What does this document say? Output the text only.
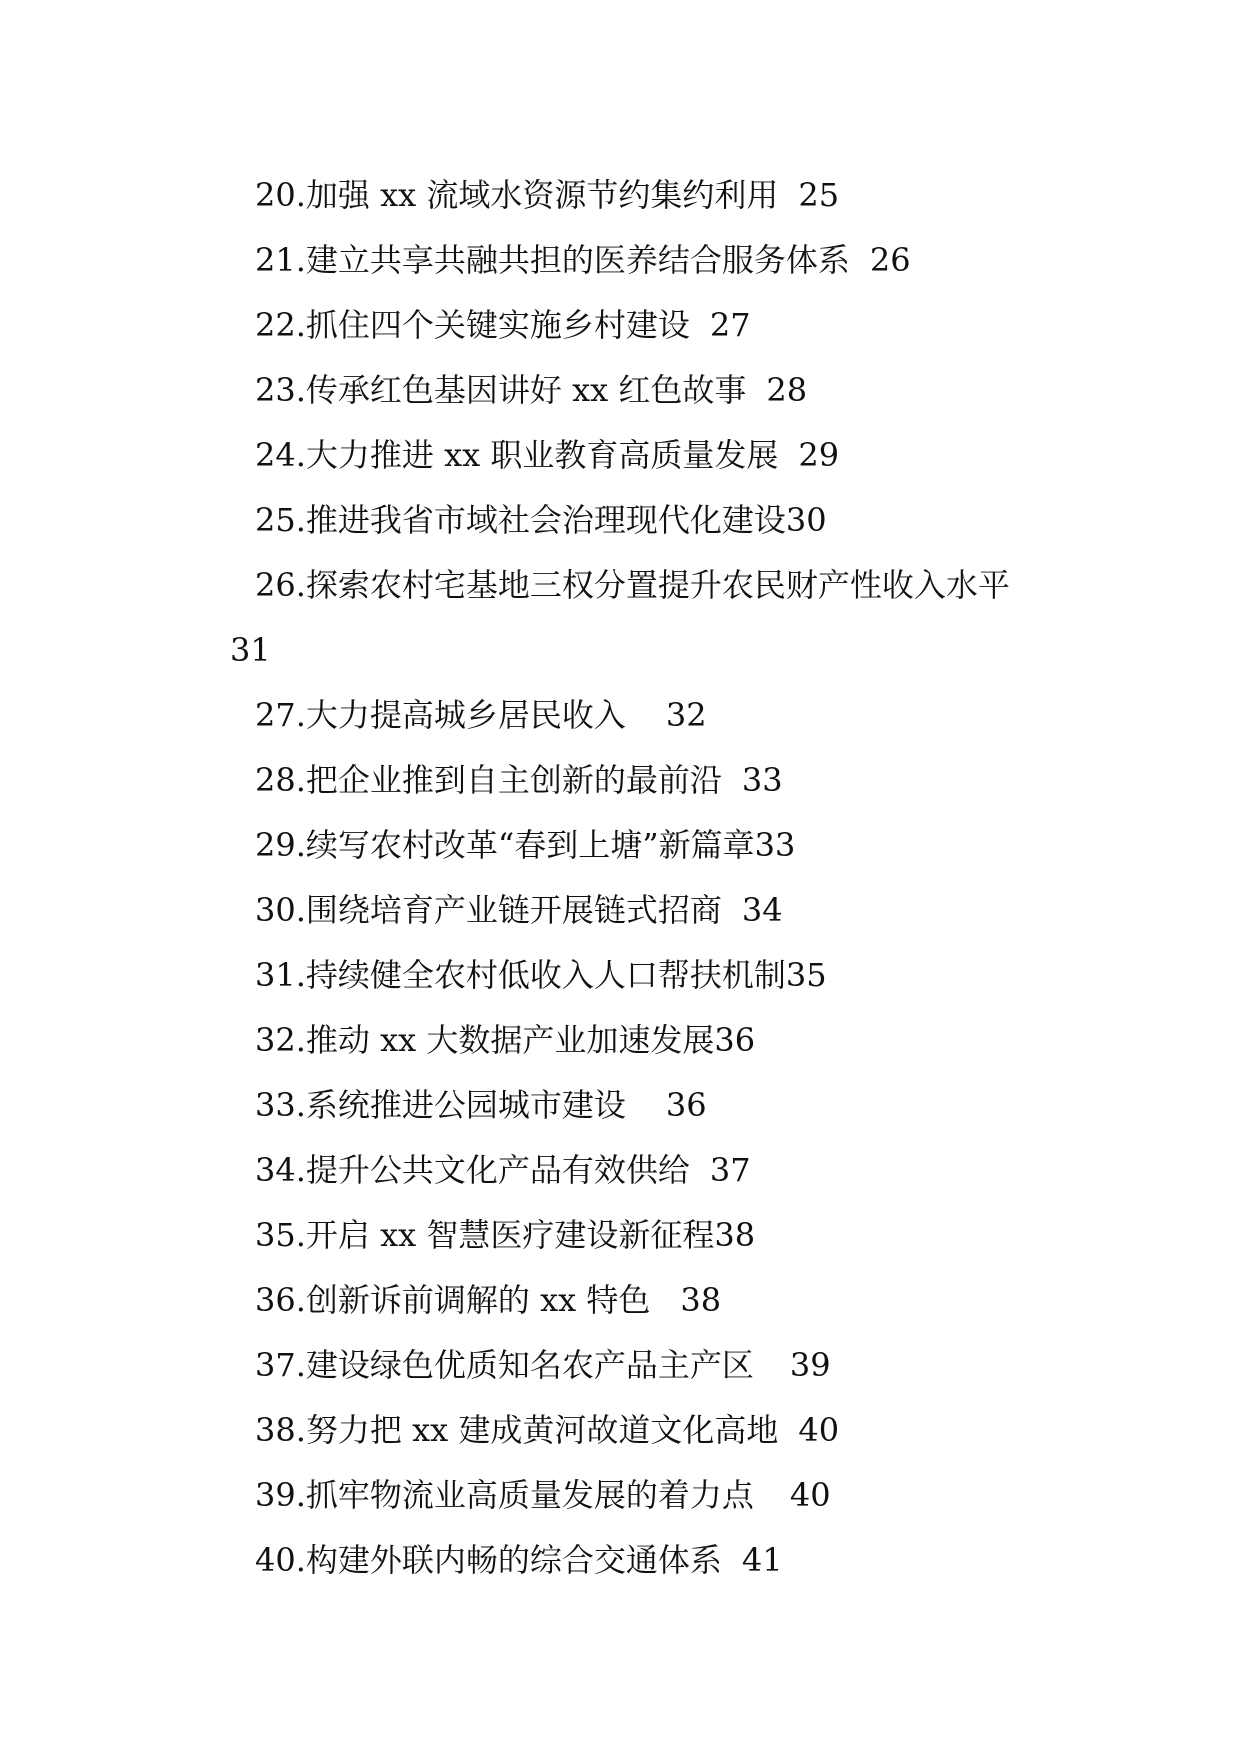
20.加强 xx 流域水资源节约集约利用 25
21.建立共享共融共担的医养结合服务体系 26
22.抓住四个关键实施乡村建设 27
23.传承红色基因讲好 xx 红色故事 28
24.大力推进 xx 职业教育高质量发展 29
25.推进我省市域社会治理现代化建设30
26.探索农村宅基地三权分置提升农民财产性收入水平
31
27.大力提高城乡居民收入 32
28.把企业推到自主创新的最前沿 33
29.续写农村改革“春到上塘”新篇章33
30.围绕培育产业链开展链式招商 34
31.持续健全农村低收入人口帮扶机制35
32.推动 xx 大数据产业加速发展36
33.系统推进公园城市建设 36
34.提升公共文化产品有效供给 37
35.开启 xx 智慧医疗建设新征程38
36.创新诉前调解的 xx 特色 38
37.建设绿色优质知名农产品主产区 39
38.努力把 xx 建成黄河故道文化高地 40
39.抓牢物流业高质量发展的着力点 40
40.构建外联内畅的综合交通体系 41
